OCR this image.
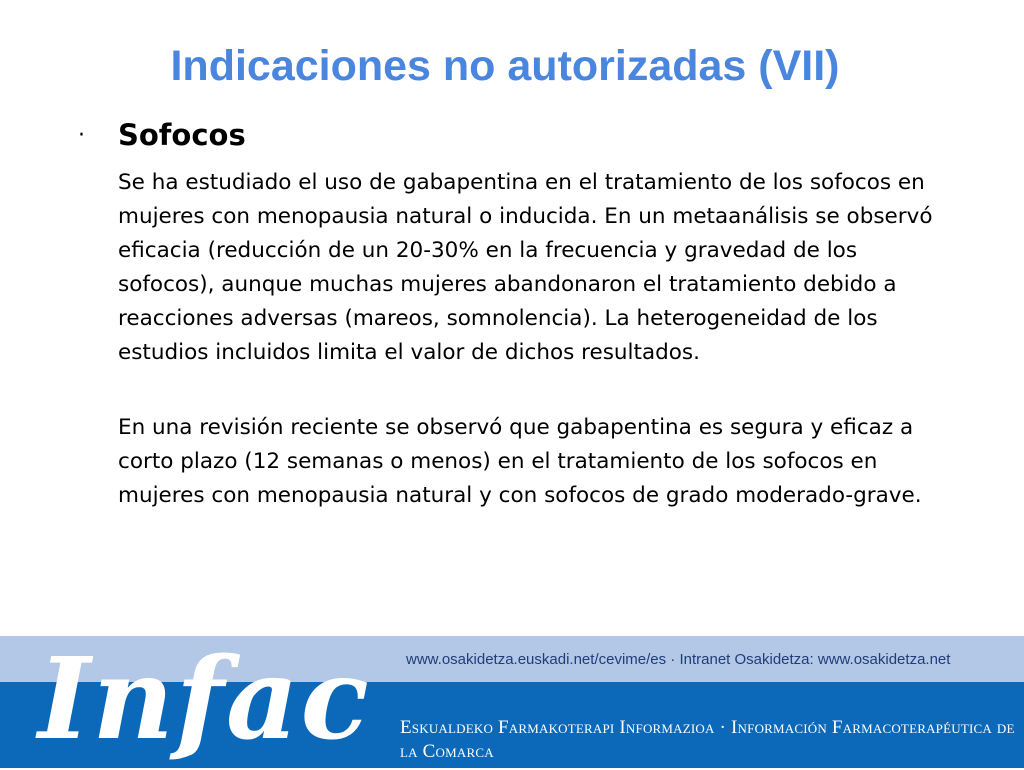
Indicaciones no autorizadas (VII)
· Sofocos

Se ha estudiado el uso de gabapentina en el tratamiento de los sofocos en mujeres con menopausia natural o inducida. En un metaanálisis se observó eficacia (reducción de un 20-30% en la frecuencia y gravedad de los sofocos), aunque muchas mujeres abandonaron el tratamiento debido a reacciones adversas (mareos, somnolencia). La heterogeneidad de los estudios incluidos limita el valor de dichos resultados.

En una revisión reciente se observó que gabapentina es segura y eficaz a corto plazo (12 semanas o menos) en el tratamiento de los sofocos en mujeres con menopausia natural y con sofocos de grado moderado-grave.

Infac www.osakidetza.euskadi.net/cevime/es · Intranet Osakidetza: www.osakidetza.net
Eskualdeko Farmakoterapi Informazioa · Información Farmacoterapéutica de la Comarca
